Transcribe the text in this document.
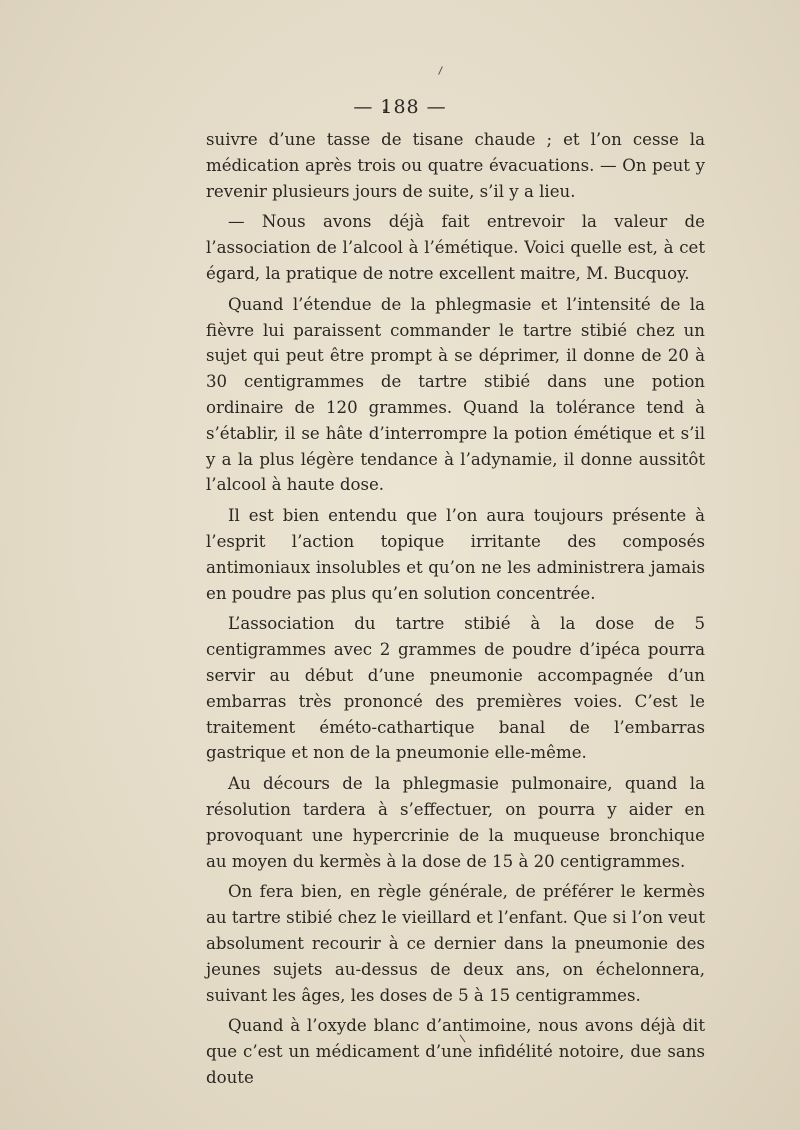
— 188 —

suivre d’une tasse de tisane chaude ; et l’on cesse la médication après trois ou quatre évacuations. — On peut y revenir plusieurs jours de suite, s’il y a lieu.

— Nous avons déjà fait entrevoir la valeur de l’association de l’alcool à l’émétique. Voici quelle est, à cet égard, la pratique de notre excellent maitre, M. Bucquoy.

Quand l’étendue de la phlegmasie et l’intensité de la fièvre lui paraissent commander le tartre stibié chez un sujet qui peut être prompt à se déprimer, il donne de 20 à 30 centigrammes de tartre stibié dans une potion ordinaire de 120 grammes. Quand la tolérance tend à s’établir, il se hâte d’interrompre la potion émétique et s’il y a la plus légère tendance à l’adynamie, il donne aussitôt l’alcool à haute dose.

Il est bien entendu que l’on aura toujours présente à l’esprit l’action topique irritante des composés antimoniaux insolubles et qu’on ne les administrera jamais en poudre pas plus qu’en solution concentrée.

L’association du tartre stibié à la dose de 5 centigrammes avec 2 grammes de poudre d’ipéca pourra servir au début d’une pneumonie accompagnée d’un embarras très prononcé des premières voies. C’est le traitement éméto-cathartique banal de l’embarras gastrique et non de la pneumonie elle-même.

Au décours de la phlegmasie pulmonaire, quand la résolution tardera à s’effectuer, on pourra y aider en provoquant une hypercrinie de la muqueuse bronchique au moyen du kermès à la dose de 15 à 20 centigrammes.

On fera bien, en règle générale, de préférer le kermès au tartre stibié chez le vieillard et l’enfant. Que si l’on veut absolument recourir à ce dernier dans la pneumonie des jeunes sujets au-dessus de deux ans, on échelonnera, suivant les âges, les doses de 5 à 15 centigrammes.

Quand à l’oxyde blanc d’antimoine, nous avons déjà dit que c’est un médicament d’une infidélité notoire, due sans doute
